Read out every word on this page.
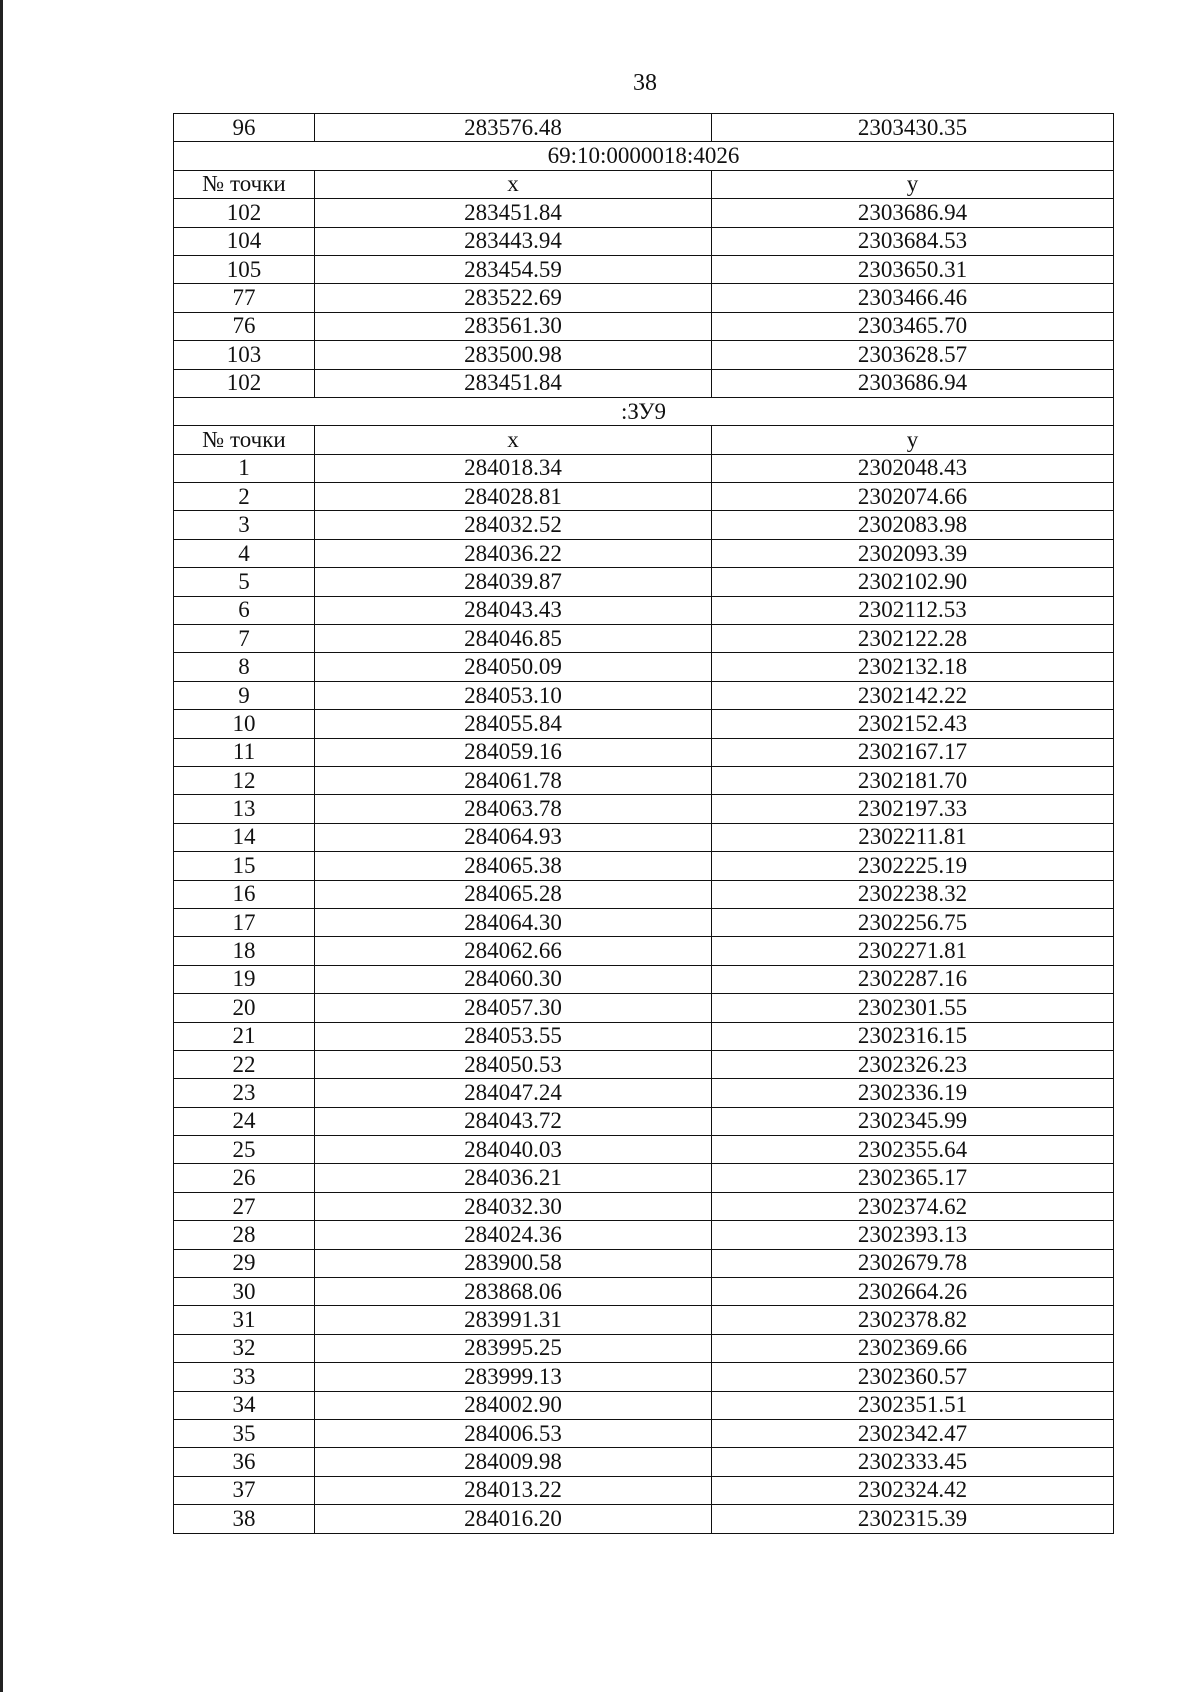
38
96	283576.48	2303430.35
69:10:0000018:4026		
№ точки	x	y
102	283451.84	2303686.94
104	283443.94	2303684.53
105	283454.59	2303650.31
77	283522.69	2303466.46
76	283561.30	2303465.70
103	283500.98	2303628.57
102	283451.84	2303686.94
:ЗУ9		
№ точки	x	y
1	284018.34	2302048.43
2	284028.81	2302074.66
3	284032.52	2302083.98
4	284036.22	2302093.39
5	284039.87	2302102.90
6	284043.43	2302112.53
7	284046.85	2302122.28
8	284050.09	2302132.18
9	284053.10	2302142.22
10	284055.84	2302152.43
11	284059.16	2302167.17
12	284061.78	2302181.70
13	284063.78	2302197.33
14	284064.93	2302211.81
15	284065.38	2302225.19
16	284065.28	2302238.32
17	284064.30	2302256.75
18	284062.66	2302271.81
19	284060.30	2302287.16
20	284057.30	2302301.55
21	284053.55	2302316.15
22	284050.53	2302326.23
23	284047.24	2302336.19
24	284043.72	2302345.99
25	284040.03	2302355.64
26	284036.21	2302365.17
27	284032.30	2302374.62
28	284024.36	2302393.13
29	283900.58	2302679.78
30	283868.06	2302664.26
31	283991.31	2302378.82
32	283995.25	2302369.66
33	283999.13	2302360.57
34	284002.90	2302351.51
35	284006.53	2302342.47
36	284009.98	2302333.45
37	284013.22	2302324.42
38	284016.20	2302315.39
